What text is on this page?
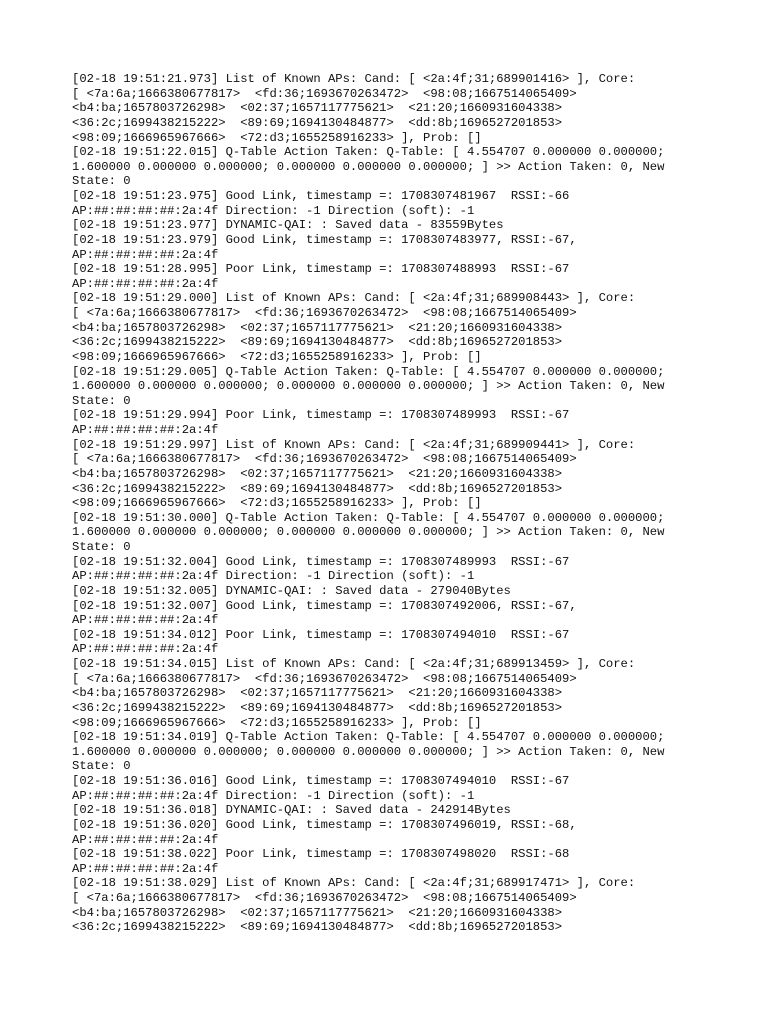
[02-18 19:51:21.973] List of Known APs: Cand: [ <2a:4f;31;689901416> ], Core:
[ <7a:6a;1666380677817>  <fd:36;1693670263472>  <98:08;1667514065409>
<b4:ba;1657803726298>  <02:37;1657117775621>  <21:20;1660931604338>
<36:2c;1699438215222>  <89:69;1694130484877>  <dd:8b;1696527201853>
<98:09;1666965967666>  <72:d3;1655258916233> ], Prob: []
[02-18 19:51:22.015] Q-Table Action Taken: Q-Table: [ 4.554707 0.000000 0.000000;
1.600000 0.000000 0.000000; 0.000000 0.000000 0.000000; ] >> Action Taken: 0, New
State: 0
[02-18 19:51:23.975] Good Link, timestamp =: 1708307481967  RSSI:-66
AP:##:##:##:##:2a:4f Direction: -1 Direction (soft): -1
[02-18 19:51:23.977] DYNAMIC-QAI: : Saved data - 83559Bytes
[02-18 19:51:23.979] Good Link, timestamp =: 1708307483977, RSSI:-67,
AP:##:##:##:##:2a:4f
[02-18 19:51:28.995] Poor Link, timestamp =: 1708307488993  RSSI:-67
AP:##:##:##:##:2a:4f
[02-18 19:51:29.000] List of Known APs: Cand: [ <2a:4f;31;689908443> ], Core:
[ <7a:6a;1666380677817>  <fd:36;1693670263472>  <98:08;1667514065409>
<b4:ba;1657803726298>  <02:37;1657117775621>  <21:20;1660931604338>
<36:2c;1699438215222>  <89:69;1694130484877>  <dd:8b;1696527201853>
<98:09;1666965967666>  <72:d3;1655258916233> ], Prob: []
[02-18 19:51:29.005] Q-Table Action Taken: Q-Table: [ 4.554707 0.000000 0.000000;
1.600000 0.000000 0.000000; 0.000000 0.000000 0.000000; ] >> Action Taken: 0, New
State: 0
[02-18 19:51:29.994] Poor Link, timestamp =: 1708307489993  RSSI:-67
AP:##:##:##:##:2a:4f
[02-18 19:51:29.997] List of Known APs: Cand: [ <2a:4f;31;689909441> ], Core:
[ <7a:6a;1666380677817>  <fd:36;1693670263472>  <98:08;1667514065409>
<b4:ba;1657803726298>  <02:37;1657117775621>  <21:20;1660931604338>
<36:2c;1699438215222>  <89:69;1694130484877>  <dd:8b;1696527201853>
<98:09;1666965967666>  <72:d3;1655258916233> ], Prob: []
[02-18 19:51:30.000] Q-Table Action Taken: Q-Table: [ 4.554707 0.000000 0.000000;
1.600000 0.000000 0.000000; 0.000000 0.000000 0.000000; ] >> Action Taken: 0, New
State: 0
[02-18 19:51:32.004] Good Link, timestamp =: 1708307489993  RSSI:-67
AP:##:##:##:##:2a:4f Direction: -1 Direction (soft): -1
[02-18 19:51:32.005] DYNAMIC-QAI: : Saved data - 279040Bytes
[02-18 19:51:32.007] Good Link, timestamp =: 1708307492006, RSSI:-67,
AP:##:##:##:##:2a:4f
[02-18 19:51:34.012] Poor Link, timestamp =: 1708307494010  RSSI:-67
AP:##:##:##:##:2a:4f
[02-18 19:51:34.015] List of Known APs: Cand: [ <2a:4f;31;689913459> ], Core:
[ <7a:6a;1666380677817>  <fd:36;1693670263472>  <98:08;1667514065409>
<b4:ba;1657803726298>  <02:37;1657117775621>  <21:20;1660931604338>
<36:2c;1699438215222>  <89:69;1694130484877>  <dd:8b;1696527201853>
<98:09;1666965967666>  <72:d3;1655258916233> ], Prob: []
[02-18 19:51:34.019] Q-Table Action Taken: Q-Table: [ 4.554707 0.000000 0.000000;
1.600000 0.000000 0.000000; 0.000000 0.000000 0.000000; ] >> Action Taken: 0, New
State: 0
[02-18 19:51:36.016] Good Link, timestamp =: 1708307494010  RSSI:-67
AP:##:##:##:##:2a:4f Direction: -1 Direction (soft): -1
[02-18 19:51:36.018] DYNAMIC-QAI: : Saved data - 242914Bytes
[02-18 19:51:36.020] Good Link, timestamp =: 1708307496019, RSSI:-68,
AP:##:##:##:##:2a:4f
[02-18 19:51:38.022] Poor Link, timestamp =: 1708307498020  RSSI:-68
AP:##:##:##:##:2a:4f
[02-18 19:51:38.029] List of Known APs: Cand: [ <2a:4f;31;689917471> ], Core:
[ <7a:6a;1666380677817>  <fd:36;1693670263472>  <98:08;1667514065409>
<b4:ba;1657803726298>  <02:37;1657117775621>  <21:20;1660931604338>
<36:2c;1699438215222>  <89:69;1694130484877>  <dd:8b;1696527201853>
